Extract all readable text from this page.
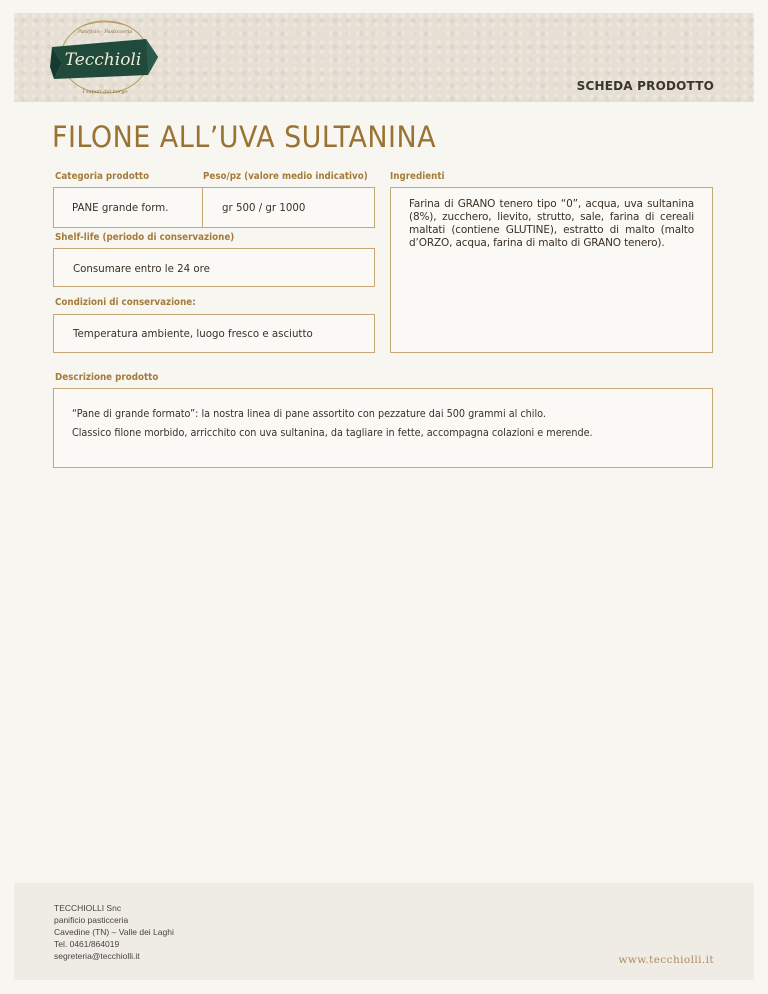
Tecchioli
Panificio - Pasticceria
I sapori del borgo	SCHEDA PRODOTTO
FILONE ALL’UVA SULTANINA
Categoria prodotto
PANE grande form.
Peso/pz (valore medio indicativo)
gr 500 / gr 1000
Shelf-life (periodo di conservazione)
Consumare entro le 24 ore
Condizioni di conservazione:
Temperatura ambiente, luogo fresco e asciutto
Ingredienti
Farina di GRANO tenero tipo “0”, acqua, uva sultanina (8%), zucchero, lievito, strutto, sale, farina di cereali maltati (contiene GLUTINE), estratto di malto (malto d’ORZO, acqua, farina di malto di GRANO tenero).
Descrizione prodotto
“Pane di grande formato”: la nostra linea di pane assortito con pezzature dai 500 grammi al chilo.
Classico filone morbido, arricchito con uva sultanina, da tagliare in fette, accompagna colazioni e merende.
TECCHIOLLI Snc
panificio pasticceria
Cavedine (TN) – Valle dei Laghi
Tel. 0461/864019
segreteria@tecchiolli.it	www.tecchiolli.it
